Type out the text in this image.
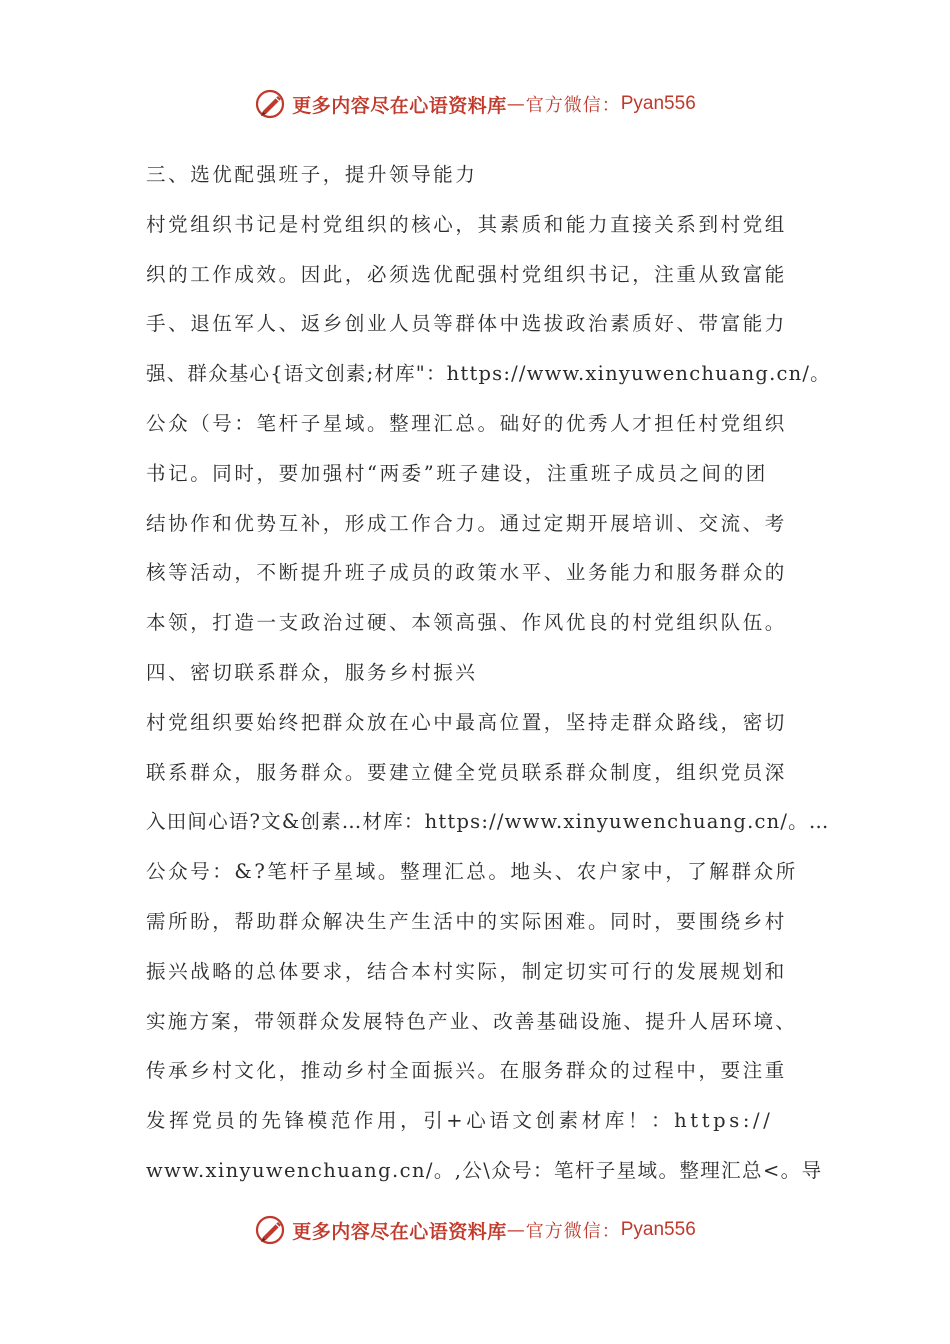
更多内容尽在心语资料库 — 官方微信： Pyan556
三、选优配强班子，提升领导能力
村党组织书记是村党组织的核心，其素质和能力直接关系到村党组
织的工作成效。因此，必须选优配强村党组织书记，注重从致富能
手、退伍军人、返乡创业人员等群体中选拔政治素质好、带富能力
强、群众基心{语文创素;材库"：https://www.xinyuwenchuang.cn/。
公众（号：笔杆子星域。整理汇总。础好的优秀人才担任村党组织
书记。同时，要加强村“两委”班子建设，注重班子成员之间的团
结协作和优势互补，形成工作合力。通过定期开展培训、交流、考
核等活动，不断提升班子成员的政策水平、业务能力和服务群众的
本领，打造一支政治过硬、本领高强、作风优良的村党组织队伍。
四、密切联系群众，服务乡村振兴
村党组织要始终把群众放在心中最高位置，坚持走群众路线，密切
联系群众，服务群众。要建立健全党员联系群众制度，组织党员深
入田间心语?文&创素…材库：https://www.xinyuwenchuang.cn/。…
公众号：&?笔杆子星域。整理汇总。地头、农户家中，了解群众所
需所盼，帮助群众解决生产生活中的实际困难。同时，要围绕乡村
振兴战略的总体要求，结合本村实际，制定切实可行的发展规划和
实施方案，带领群众发展特色产业、改善基础设施、提升人居环境、
传承乡村文化，推动乡村全面振兴。在服务群众的过程中，要注重
发挥党员的先锋模范作用，引+心语文创素材库！：https://
www.xinyuwenchuang.cn/。,公\众号：笔杆子星域。整理汇总<。导
更多内容尽在心语资料库 — 官方微信： Pyan556
